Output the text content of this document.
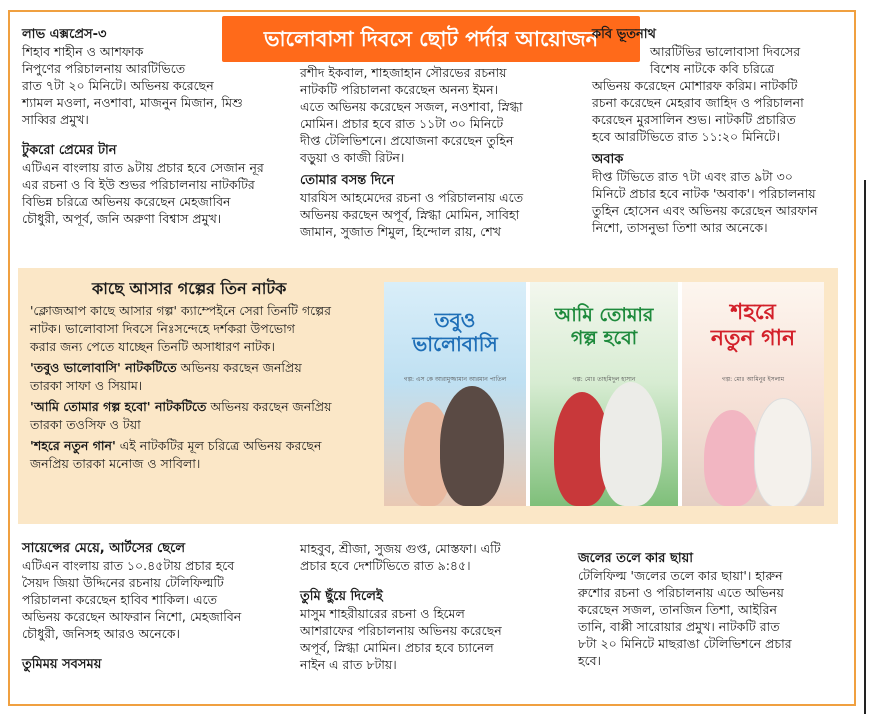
ভালোবাসা দিবসে ছোট পর্দার আয়োজন
লাভ এক্সপ্রেস-৩
শিহাব শাহীন ও আশফাক
নিপুণের পরিচালনায় আরটিভিতে
রাত ৭টা ২০ মিনিটে। অভিনয় করেছেন
শ্যামল মওলা, নওশাবা, মাজনুন মিজান, মিশু
সাব্বির প্রমুখ।
টুকরো প্রেমের টান
এটিএন বাংলায় রাত ৯টায় প্রচার হবে সেজান নূর
এর রচনা ও বি ইউ শুভর পরিচালনায় নাটকটির
বিভিন্ন চরিত্রে অভিনয় করেছেন মেহজাবিন
চৌধুরী, অপূর্ব, জনি অরুণা বিশ্বাস প্রমুখ।
রশীদ ইকবাল, শাহজাহান সৌরভের রচনায়
নাটকটি পরিচালনা করেছেন অনন্য ইমন।
এতে অভিনয় করেছেন সজল, নওশাবা, স্নিগ্ধা
মোমিন। প্রচার হবে রাত ১১টা ৩০ মিনিটে
দীপ্ত টেলিভিশনে। প্রযোজনা করেছেন তুহিন
বড়ুয়া ও কাজী রিটন।
তোমার বসন্ত দিনে
যারযিস আহমেদের রচনা ও পরিচালনায় এতে
অভিনয় করছেন অপূর্ব, স্নিগ্ধা মোমিন, সাবিহা
জামান, সুজাত শিমুল, হিন্দোল রায়, শেখ
কবি ভূতনাথ
আরটিভির ভালোবাসা দিবসের
বিশেষ নাটকে কবি চরিত্রে
অভিনয় করেছেন মোশারফ করিম। নাটকটি
রচনা করেছেন মেহরাব জাহিদ ও পরিচালনা
করেছেন মুরসালিন শুভ। নাটকটি প্রচারিত
হবে আরটিভিতে রাত ১১:২০ মিনিটে।
অবাক
দীপ্ত টিভিতে রাত ৭টা এবং রাত ৯টা ৩০
মিনিটে প্রচার হবে নাটক 'অবাক'। পরিচালনায়
তুহিন হোসেন এবং অভিনয় করেছেন আরফান
নিশো, তাসনুভা তিশা আর অনেকে।
কাছে আসার গল্পের তিন নাটক

'ক্লোজআপ কাছে আসার গল্প' ক্যাম্পেইনে সেরা তিনটি গল্পের
নাটক। ভালোবাসা দিবসে নিঃসন্দেহে দর্শকরা উপভোগ
করার জন্য পেতে যাচ্ছেন তিনটি অসাধারণ নাটক।

'তবুও ভালোবাসি' নাটকটিতে অভিনয় করছেন জনপ্রিয়
তারকা সাফা ও সিয়াম।

'আমি তোমার গল্প হবো' নাটকটিতে অভিনয় করছেন জনপ্রিয়
তারকা তওসিফ ও টয়া

'শহরে নতুন গান' এই নাটকটির মূল চরিত্রে অভিনয় করছেন
জনপ্রিয় তারকা মনোজ ও সাবিলা।

তবুও
ভালোবাসি
গল্প: এস কে আরামুজ্জামান আরমান পাতিল
আমি তোমার
গল্প হবো
গল্প: মোঃ তাহমিদুল হাসান
শহরে
নতুন গান
গল্প: মোঃ আমিনুর ইসলাম
সায়েন্সের মেয়ে, আর্টসের ছেলে
এটিএন বাংলায় রাত ১০.৪৫টায় প্রচার হবে
সৈয়দ জিয়া উদ্দিনের রচনায় টেলিফিল্মটি
পরিচালনা করেছেন হাবিব শাকিল। এতে
অভিনয় করেছেন আফরান নিশো, মেহজাবিন
চৌধুরী, জনিসহ আরও অনেকে।
তুমিময় সবসময়
মাহবুব, শ্রীজা, সুজয় গুপ্ত, মোস্তফা। এটি
প্রচার হবে দেশটিভিতে রাত ৯:৪৫।
তুমি ছুঁয়ে দিলেই
মাসুম শাহরীয়ারের রচনা ও হিমেল
আশরাফের পরিচালনায় অভিনয় করেছেন
অপূর্ব, স্নিগ্ধা মোমিন। প্রচার হবে চ্যানেল
নাইন এ রাত ৮টায়।
জলের তলে কার ছায়া
টেলিফিল্ম 'জলের তলে কার ছায়া'। হারুন
রুশোর রচনা ও পরিচালনায় এতে অভিনয়
করেছেন সজল, তানজিন তিশা, আইরিন
তানি, বাপ্পী সারোয়ার প্রমুখ। নাটকটি রাত
৮টা ২০ মিনিটে মাছরাঙা টেলিভিশনে প্রচার
হবে।
